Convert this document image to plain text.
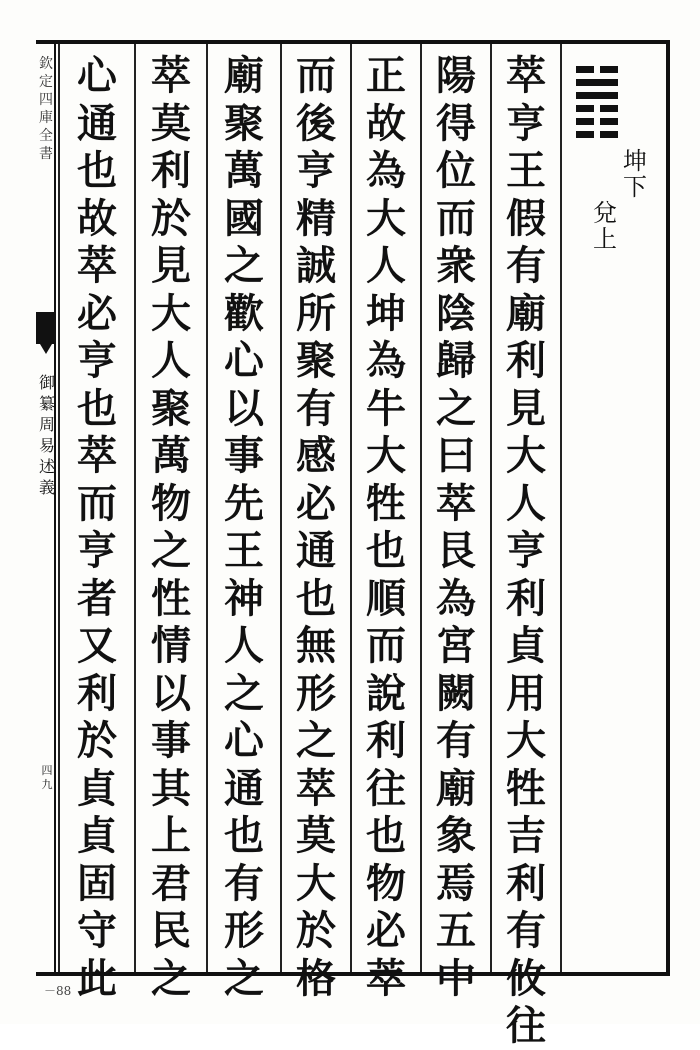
欽
定
四
庫
全
書
御
纂
周
易
述
義
四
九
－88
萃
亨
王
假
有
廟
利
見
大
人
亨
利
貞
用
大
牲
吉
利
有
攸
往
陽
得
位
而
衆
陰
歸
之
曰
萃
艮
為
宮
闕
有
廟
象
焉
五
中
正
故
為
大
人
坤
為
牛
大
牲
也
順
而
說
利
往
也
物
必
萃
而
後
亨
精
誠
所
聚
有
感
必
通
也
無
形
之
萃
莫
大
於
格
廟
聚
萬
國
之
歡
心
以
事
先
王
神
人
之
心
通
也
有
形
之
萃
莫
利
於
見
大
人
聚
萬
物
之
性
情
以
事
其
上
君
民
之
心
通
也
故
萃
必
亨
也
萃
而
亨
者
又
利
於
貞
貞
固
守
此
坤
下
兌
上
